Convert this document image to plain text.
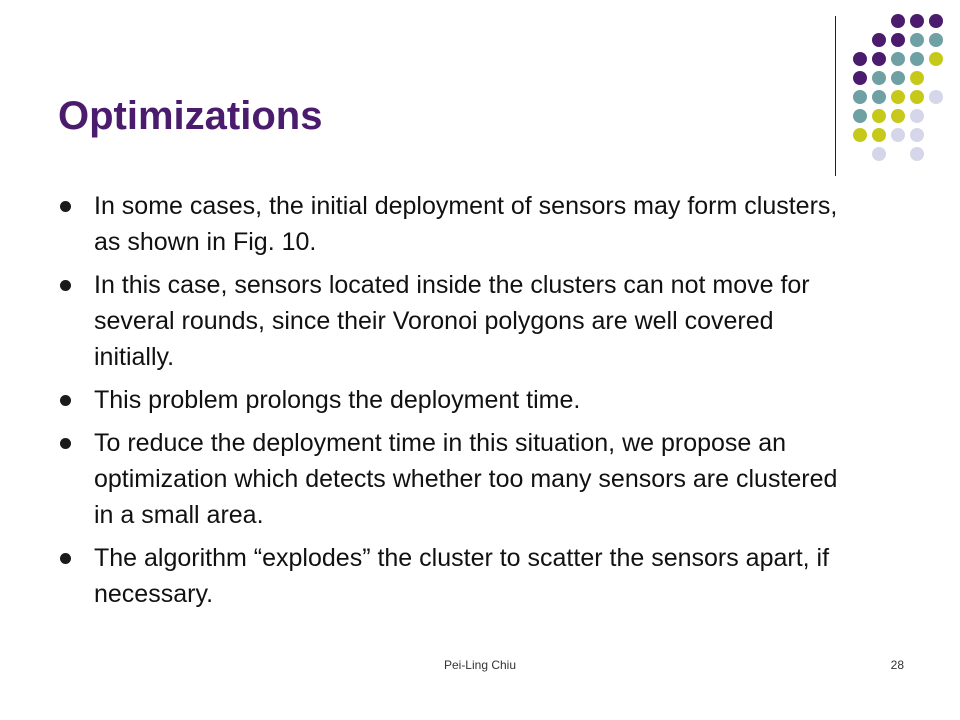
Optimizations
In some cases, the initial deployment of sensors may form clusters, as shown in Fig. 10.
In this case, sensors located inside the clusters can not move for several rounds, since their Voronoi polygons are well covered initially.
This problem prolongs the deployment time.
To reduce the deployment time in this situation, we propose an optimization which detects whether too many sensors are clustered in a small area.
The algorithm “explodes” the cluster to scatter the sensors apart, if necessary.
Pei-Ling Chiu	28
